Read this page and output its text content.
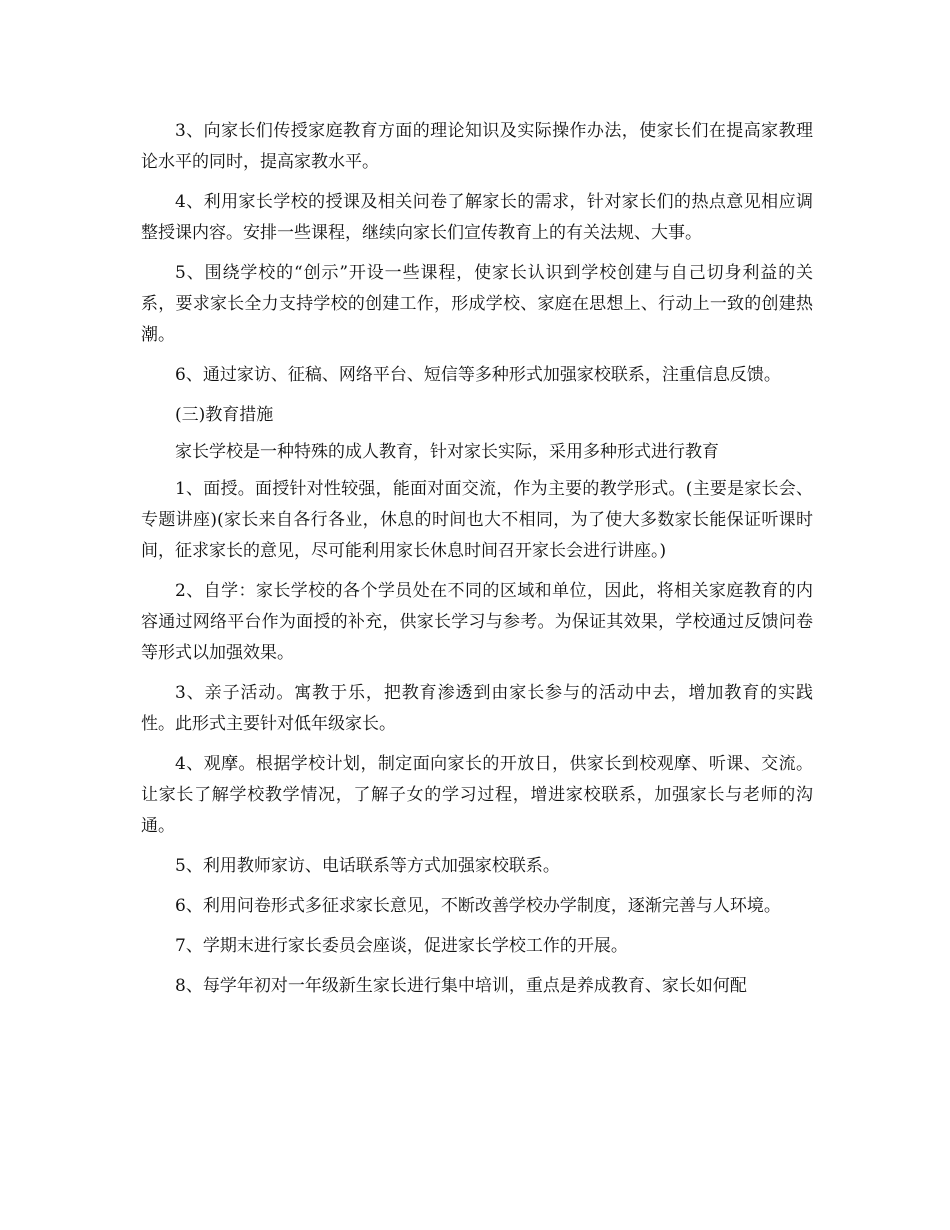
3、向家长们传授家庭教育方面的理论知识及实际操作办法，使家长们在提高家教理论水平的同时，提高家教水平。

4、利用家长学校的授课及相关问卷了解家长的需求，针对家长们的热点意见相应调整授课内容。安排一些课程，继续向家长们宣传教育上的有关法规、大事。

5、围绕学校的“创示”开设一些课程，使家长认识到学校创建与自己切身利益的关系，要求家长全力支持学校的创建工作，形成学校、家庭在思想上、行动上一致的创建热潮。

6、通过家访、征稿、网络平台、短信等多种形式加强家校联系，注重信息反馈。

(三)教育措施

家长学校是一种特殊的成人教育，针对家长实际，采用多种形式进行教育

1、面授。面授针对性较强，能面对面交流，作为主要的教学形式。(主要是家长会、专题讲座)(家长来自各行各业，休息的时间也大不相同，为了使大多数家长能保证听课时间，征求家长的意见，尽可能利用家长休息时间召开家长会进行讲座。)

2、自学：家长学校的各个学员处在不同的区域和单位，因此，将相关家庭教育的内容通过网络平台作为面授的补充，供家长学习与参考。为保证其效果，学校通过反馈问卷等形式以加强效果。

3、亲子活动。寓教于乐，把教育渗透到由家长参与的活动中去，增加教育的实践性。此形式主要针对低年级家长。

4、观摩。根据学校计划，制定面向家长的开放日，供家长到校观摩、听课、交流。让家长了解学校教学情况，了解子女的学习过程，增进家校联系，加强家长与老师的沟通。

5、利用教师家访、电话联系等方式加强家校联系。

6、利用问卷形式多征求家长意见，不断改善学校办学制度，逐渐完善与人环境。

7、学期末进行家长委员会座谈，促进家长学校工作的开展。

8、每学年初对一年级新生家长进行集中培训，重点是养成教育、家长如何配
